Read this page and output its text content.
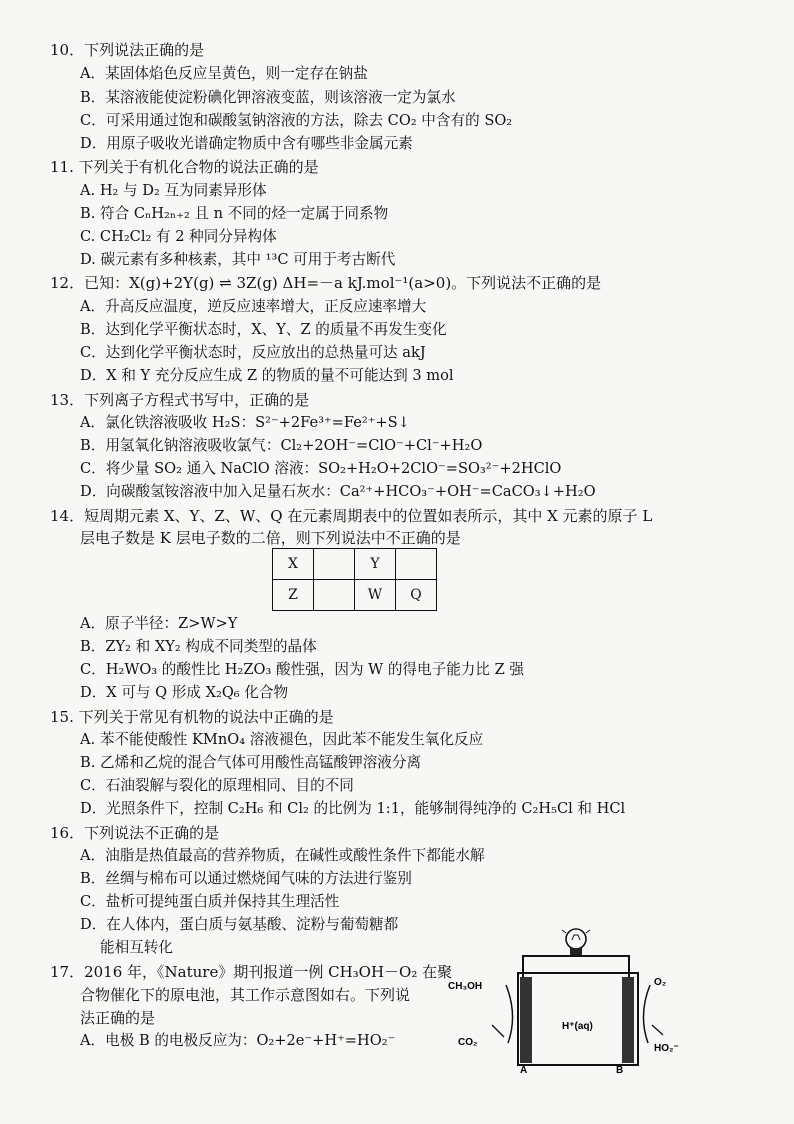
10．下列说法正确的是
A．某固体焰色反应呈黄色，则一定存在钠盐
B．某溶液能使淀粉碘化钾溶液变蓝，则该溶液一定为氯水
C．可采用通过饱和碳酸氢钠溶液的方法，除去 CO₂ 中含有的 SO₂
D．用原子吸收光谱确定物质中含有哪些非金属元素
11. 下列关于有机化合物的说法正确的是
A. H₂ 与 D₂ 互为同素异形体
B. 符合 CₙH₂ₙ₊₂ 且 n 不同的烃一定属于同系物
C. CH₂Cl₂ 有 2 种同分异构体
D. 碳元素有多种核素，其中 ¹³C 可用于考古断代
12．已知：X(g)+2Y(g) ⇌ 3Z(g) ΔH=－a kJ.mol⁻¹(a>0)。下列说法不正确的是
A．升高反应温度，逆反应速率增大，正反应速率增大
B．达到化学平衡状态时，X、Y、Z 的质量不再发生变化
C．达到化学平衡状态时，反应放出的总热量可达 akJ
D．X 和 Y 充分反应生成 Z 的物质的量不可能达到 3 mol
13．下列离子方程式书写中，正确的是
A．氯化铁溶液吸收 H₂S：S²⁻+2Fe³⁺=Fe²⁺+S↓
B．用氢氧化钠溶液吸收氯气：Cl₂+2OH⁻=ClO⁻+Cl⁻+H₂O
C．将少量 SO₂ 通入 NaClO 溶液：SO₂+H₂O+2ClO⁻=SO₃²⁻+2HClO
D．向碳酸氢铵溶液中加入足量石灰水：Ca²⁺+HCO₃⁻+OH⁻=CaCO₃↓+H₂O
14．短周期元素 X、Y、Z、W、Q 在元素周期表中的位置如表所示，其中 X 元素的原子 L
层电子数是 K 层电子数的二倍，则下列说法中不正确的是
X		Y	
Z		W	Q
A．原子半径：Z>W>Y
B．ZY₂ 和 XY₂ 构成不同类型的晶体
C．H₂WO₃ 的酸性比 H₂ZO₃ 酸性强，因为 W 的得电子能力比 Z 强
D．X 可与 Q 形成 X₂Q₆ 化合物
15. 下列关于常见有机物的说法中正确的是
A. 苯不能使酸性 KMnO₄ 溶液褪色，因此苯不能发生氧化反应
B. 乙烯和乙烷的混合气体可用酸性高锰酸钾溶液分离
C．石油裂解与裂化的原理相同、目的不同
D．光照条件下，控制 C₂H₆ 和 Cl₂ 的比例为 1:1，能够制得纯净的 C₂H₅Cl 和 HCl
16．下列说法不正确的是
A．油脂是热值最高的营养物质，在碱性或酸性条件下都能水解
B．丝绸与棉布可以通过燃烧闻气味的方法进行鉴别
C．盐析可提纯蛋白质并保持其生理活性
D．在人体内，蛋白质与氨基酸、淀粉与葡萄糖都
能相互转化
17．2016 年，《Nature》期刊报道一例 CH₃OH－O₂ 在聚
合物催化下的原电池，其工作示意图如右。下列说
法正确的是
A．电极 B 的电极反应为：O₂+2e⁻+H⁺=HO₂⁻
CH₃OH
CO₂
O₂
HO₂⁻
H⁺(aq)
A	B
